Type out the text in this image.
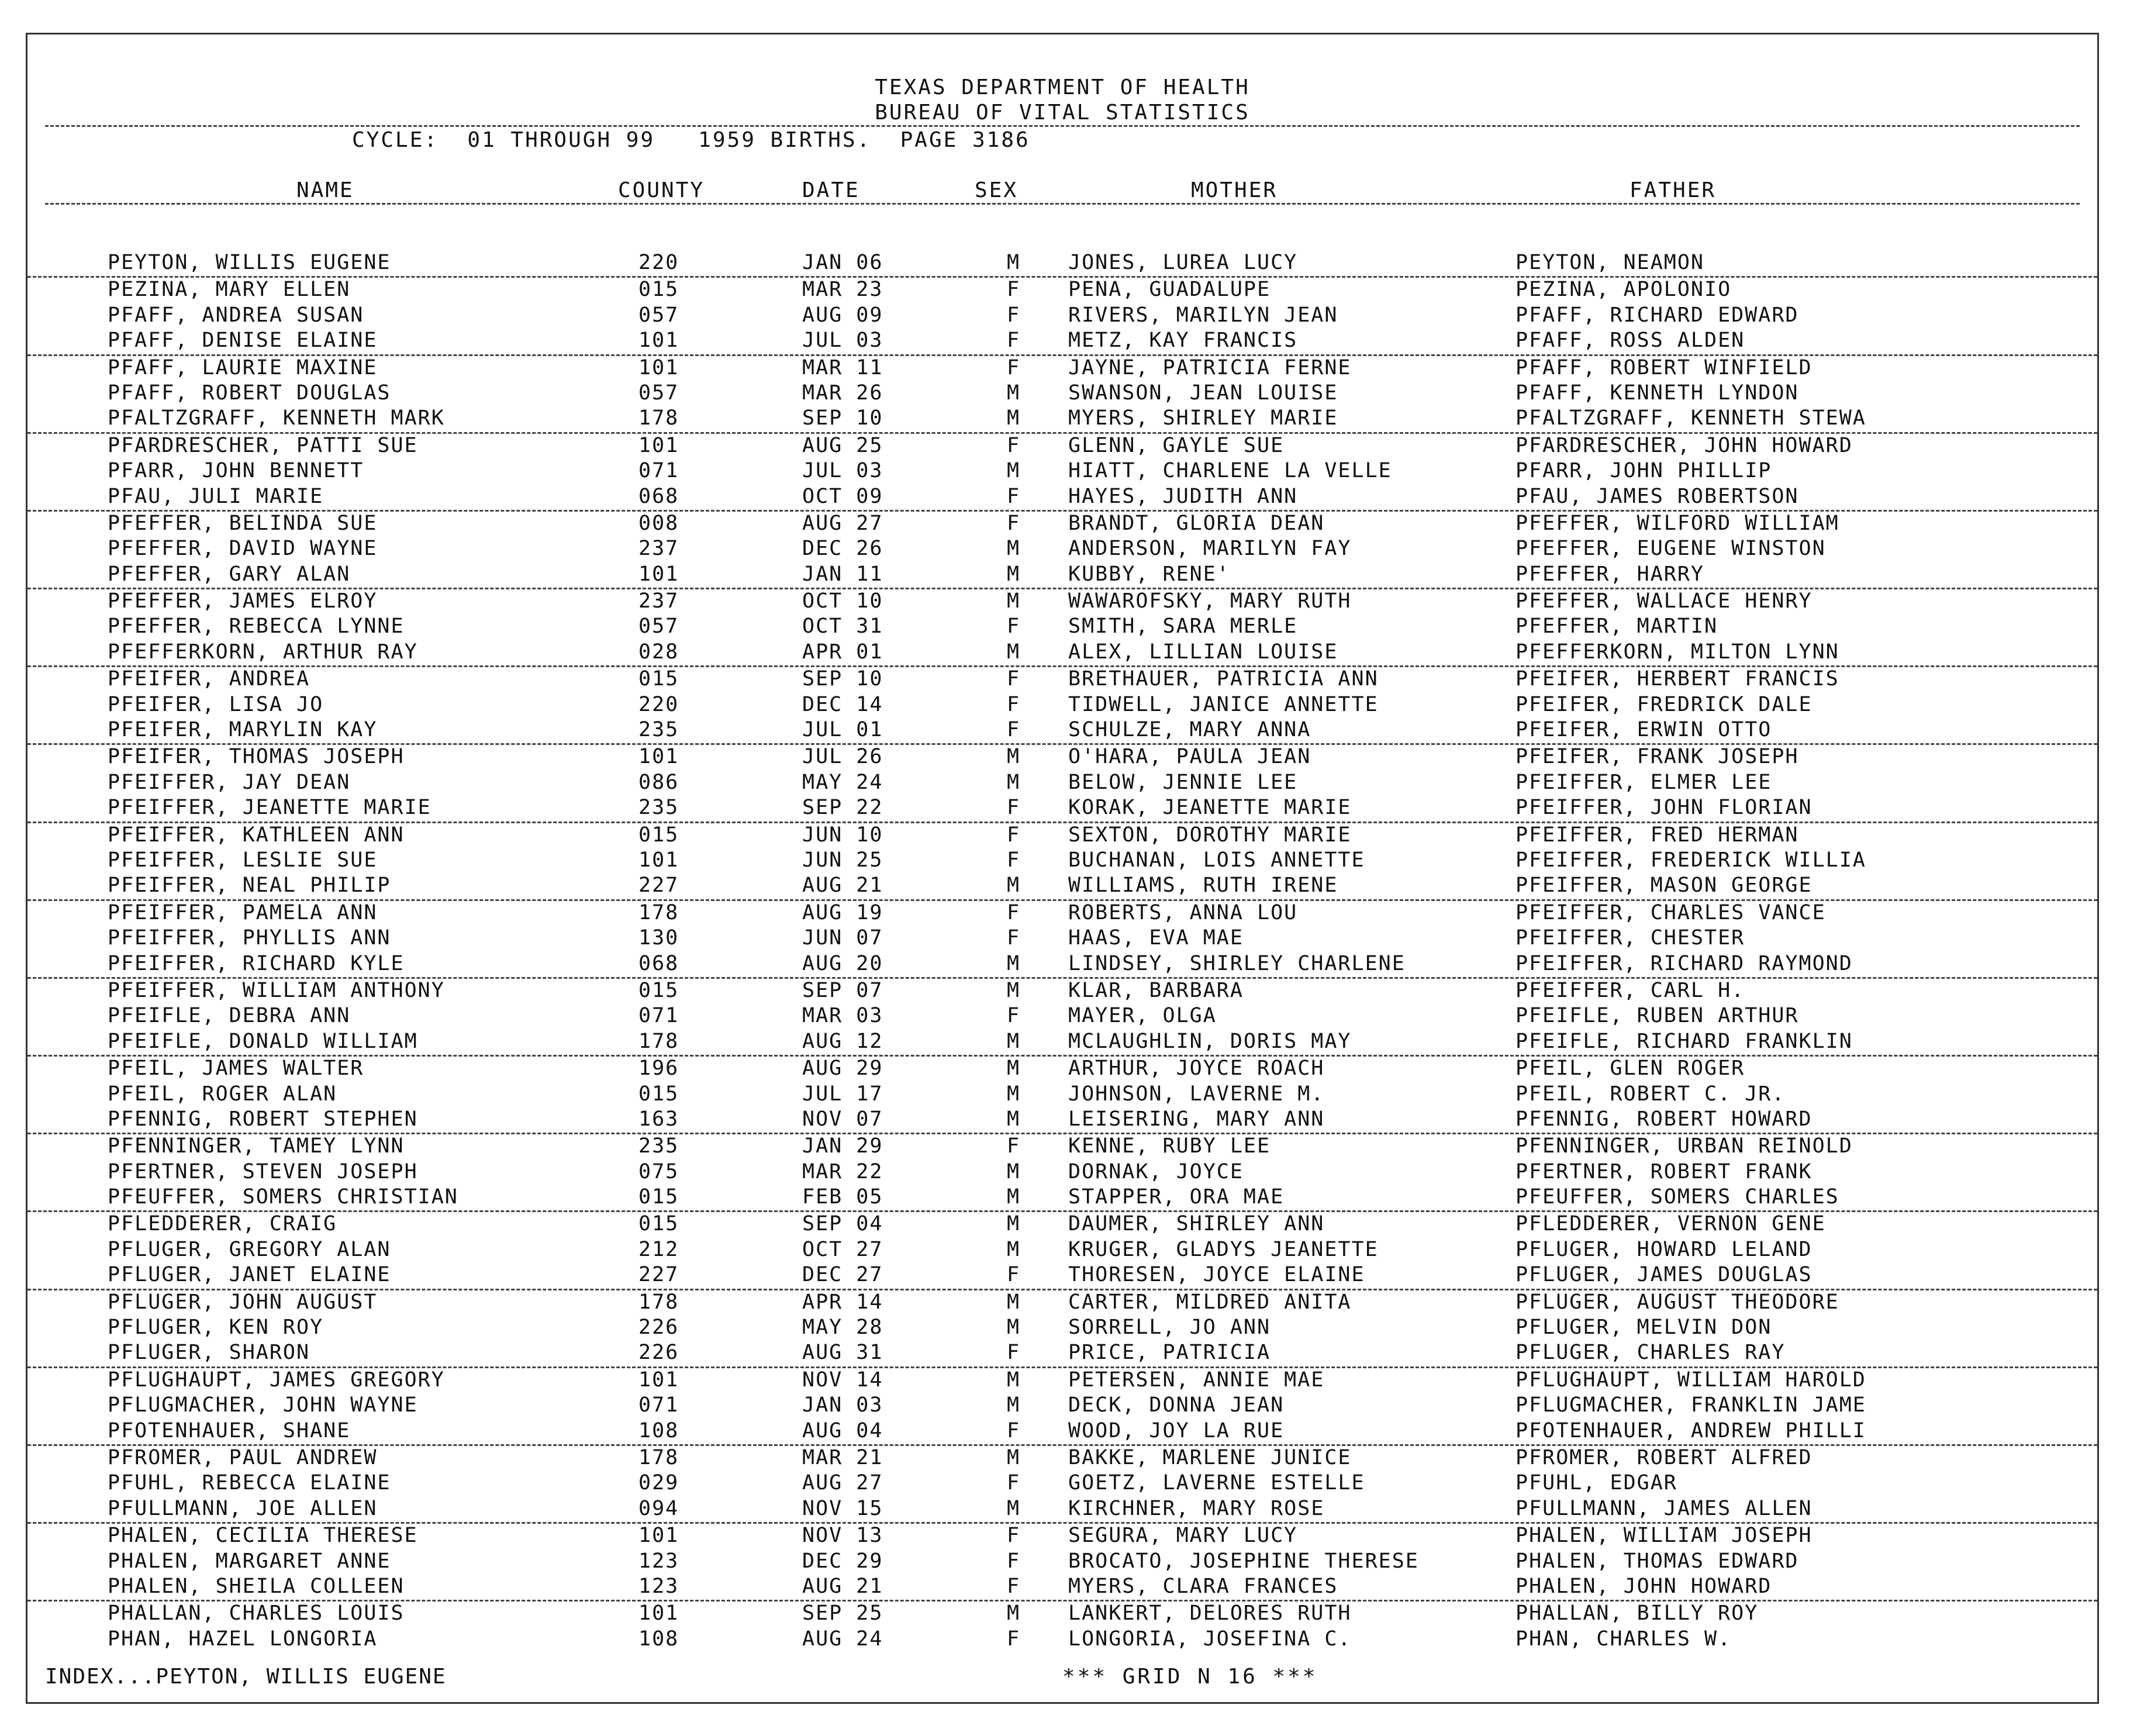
TEXAS DEPARTMENT OF HEALTH
BUREAU OF VITAL STATISTICS
CYCLE:  01 THROUGH 99   1959 BIRTHS.  PAGE 3186
NAME	COUNTY	DATE	SEX	MOTHER	FATHER
PEYTON, WILLIS EUGENE	220	JAN 06	M JONES, LUREA LUCY	PEYTON, NEAMON
PEZINA, MARY ELLEN	015	MAR 23	F PENA, GUADALUPE	PEZINA, APOLONIO
PFAFF, ANDREA SUSAN	057	AUG 09	F RIVERS, MARILYN JEAN	PFAFF, RICHARD EDWARD
PFAFF, DENISE ELAINE	101	JUL 03	F METZ, KAY FRANCIS	PFAFF, ROSS ALDEN
PFAFF, LAURIE MAXINE	101	MAR 11	F JAYNE, PATRICIA FERNE	PFAFF, ROBERT WINFIELD
PFAFF, ROBERT DOUGLAS	057	MAR 26	M SWANSON, JEAN LOUISE	PFAFF, KENNETH LYNDON
PFALTZGRAFF, KENNETH MARK	178	SEP 10	M MYERS, SHIRLEY MARIE	PFALTZGRAFF, KENNETH STEWA
PFARDRESCHER, PATTI SUE	101	AUG 25	F GLENN, GAYLE SUE	PFARDRESCHER, JOHN HOWARD
PFARR, JOHN BENNETT	071	JUL 03	M HIATT, CHARLENE LA VELLE	PFARR, JOHN PHILLIP
PFAU, JULI MARIE	068	OCT 09	F HAYES, JUDITH ANN	PFAU, JAMES ROBERTSON
PFEFFER, BELINDA SUE	008	AUG 27	F BRANDT, GLORIA DEAN	PFEFFER, WILFORD WILLIAM
PFEFFER, DAVID WAYNE	237	DEC 26	M ANDERSON, MARILYN FAY	PFEFFER, EUGENE WINSTON
PFEFFER, GARY ALAN	101	JAN 11	M KUBBY, RENE'	PFEFFER, HARRY
PFEFFER, JAMES ELROY	237	OCT 10	M WAWAROFSKY, MARY RUTH	PFEFFER, WALLACE HENRY
PFEFFER, REBECCA LYNNE	057	OCT 31	F SMITH, SARA MERLE	PFEFFER, MARTIN
PFEFFERKORN, ARTHUR RAY	028	APR 01	M ALEX, LILLIAN LOUISE	PFEFFERKORN, MILTON LYNN
PFEIFER, ANDREA	015	SEP 10	F BRETHAUER, PATRICIA ANN	PFEIFER, HERBERT FRANCIS
PFEIFER, LISA JO	220	DEC 14	F TIDWELL, JANICE ANNETTE	PFEIFER, FREDRICK DALE
PFEIFER, MARYLIN KAY	235	JUL 01	F SCHULZE, MARY ANNA	PFEIFER, ERWIN OTTO
PFEIFER, THOMAS JOSEPH	101	JUL 26	M O'HARA, PAULA JEAN	PFEIFER, FRANK JOSEPH
PFEIFFER, JAY DEAN	086	MAY 24	M BELOW, JENNIE LEE	PFEIFFER, ELMER LEE
PFEIFFER, JEANETTE MARIE	235	SEP 22	F KORAK, JEANETTE MARIE	PFEIFFER, JOHN FLORIAN
PFEIFFER, KATHLEEN ANN	015	JUN 10	F SEXTON, DOROTHY MARIE	PFEIFFER, FRED HERMAN
PFEIFFER, LESLIE SUE	101	JUN 25	F BUCHANAN, LOIS ANNETTE	PFEIFFER, FREDERICK WILLIA
PFEIFFER, NEAL PHILIP	227	AUG 21	M WILLIAMS, RUTH IRENE	PFEIFFER, MASON GEORGE
PFEIFFER, PAMELA ANN	178	AUG 19	F ROBERTS, ANNA LOU	PFEIFFER, CHARLES VANCE
PFEIFFER, PHYLLIS ANN	130	JUN 07	F HAAS, EVA MAE	PFEIFFER, CHESTER
PFEIFFER, RICHARD KYLE	068	AUG 20	M LINDSEY, SHIRLEY CHARLENE	PFEIFFER, RICHARD RAYMOND
PFEIFFER, WILLIAM ANTHONY	015	SEP 07	M KLAR, BARBARA	PFEIFFER, CARL H.
PFEIFLE, DEBRA ANN	071	MAR 03	F MAYER, OLGA	PFEIFLE, RUBEN ARTHUR
PFEIFLE, DONALD WILLIAM	178	AUG 12	M MCLAUGHLIN, DORIS MAY	PFEIFLE, RICHARD FRANKLIN
PFEIL, JAMES WALTER	196	AUG 29	M ARTHUR, JOYCE ROACH	PFEIL, GLEN ROGER
PFEIL, ROGER ALAN	015	JUL 17	M JOHNSON, LAVERNE M.	PFEIL, ROBERT C. JR.
PFENNIG, ROBERT STEPHEN	163	NOV 07	M LEISERING, MARY ANN	PFENNIG, ROBERT HOWARD
PFENNINGER, TAMEY LYNN	235	JAN 29	F KENNE, RUBY LEE	PFENNINGER, URBAN REINOLD
PFERTNER, STEVEN JOSEPH	075	MAR 22	M DORNAK, JOYCE	PFERTNER, ROBERT FRANK
PFEUFFER, SOMERS CHRISTIAN	015	FEB 05	M STAPPER, ORA MAE	PFEUFFER, SOMERS CHARLES
PFLEDDERER, CRAIG	015	SEP 04	M DAUMER, SHIRLEY ANN	PFLEDDERER, VERNON GENE
PFLUGER, GREGORY ALAN	212	OCT 27	M KRUGER, GLADYS JEANETTE	PFLUGER, HOWARD LELAND
PFLUGER, JANET ELAINE	227	DEC 27	F THORESEN, JOYCE ELAINE	PFLUGER, JAMES DOUGLAS
PFLUGER, JOHN AUGUST	178	APR 14	M CARTER, MILDRED ANITA	PFLUGER, AUGUST THEODORE
PFLUGER, KEN ROY	226	MAY 28	M SORRELL, JO ANN	PFLUGER, MELVIN DON
PFLUGER, SHARON	226	AUG 31	F PRICE, PATRICIA	PFLUGER, CHARLES RAY
PFLUGHAUPT, JAMES GREGORY	101	NOV 14	M PETERSEN, ANNIE MAE	PFLUGHAUPT, WILLIAM HAROLD
PFLUGMACHER, JOHN WAYNE	071	JAN 03	M DECK, DONNA JEAN	PFLUGMACHER, FRANKLIN JAME
PFOTENHAUER, SHANE	108	AUG 04	F WOOD, JOY LA RUE	PFOTENHAUER, ANDREW PHILLI
PFROMER, PAUL ANDREW	178	MAR 21	M BAKKE, MARLENE JUNICE	PFROMER, ROBERT ALFRED
PFUHL, REBECCA ELAINE	029	AUG 27	F GOETZ, LAVERNE ESTELLE	PFUHL, EDGAR
PFULLMANN, JOE ALLEN	094	NOV 15	M KIRCHNER, MARY ROSE	PFULLMANN, JAMES ALLEN
PHALEN, CECILIA THERESE	101	NOV 13	F SEGURA, MARY LUCY	PHALEN, WILLIAM JOSEPH
PHALEN, MARGARET ANNE	123	DEC 29	F BROCATO, JOSEPHINE THERESE	PHALEN, THOMAS EDWARD
PHALEN, SHEILA COLLEEN	123	AUG 21	F MYERS, CLARA FRANCES	PHALEN, JOHN HOWARD
PHALLAN, CHARLES LOUIS	101	SEP 25	M LANKERT, DELORES RUTH	PHALLAN, BILLY ROY
PHAN, HAZEL LONGORIA	108	AUG 24	F LONGORIA, JOSEFINA C.	PHAN, CHARLES W.
INDEX...PEYTON, WILLIS EUGENE	*** GRID N 16 ***
